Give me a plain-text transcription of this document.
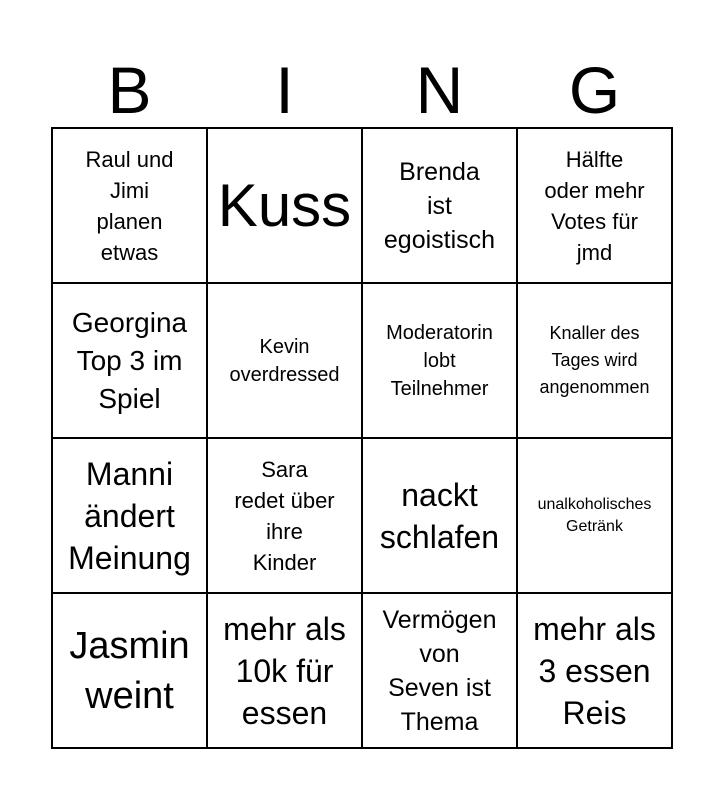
B	I	N	G
Raul und
Jimi
planen
etwas
Kuss	Brenda
ist
egoistisch
Hälfte
oder mehr
Votes für
jmd
Georgina
Top 3 im
Spiel
Kevin
overdressed
Moderatorin
lobt
Teilnehmer
Knaller des
Tages wird
angenommen
Manni
ändert
Meinung
Sara
redet über
ihre
Kinder
nackt
schlafen
unalkoholisches
Getränk
Jasmin
weint
mehr als
10k für
essen
Vermögen
von
Seven ist
Thema
mehr als
3 essen
Reis
